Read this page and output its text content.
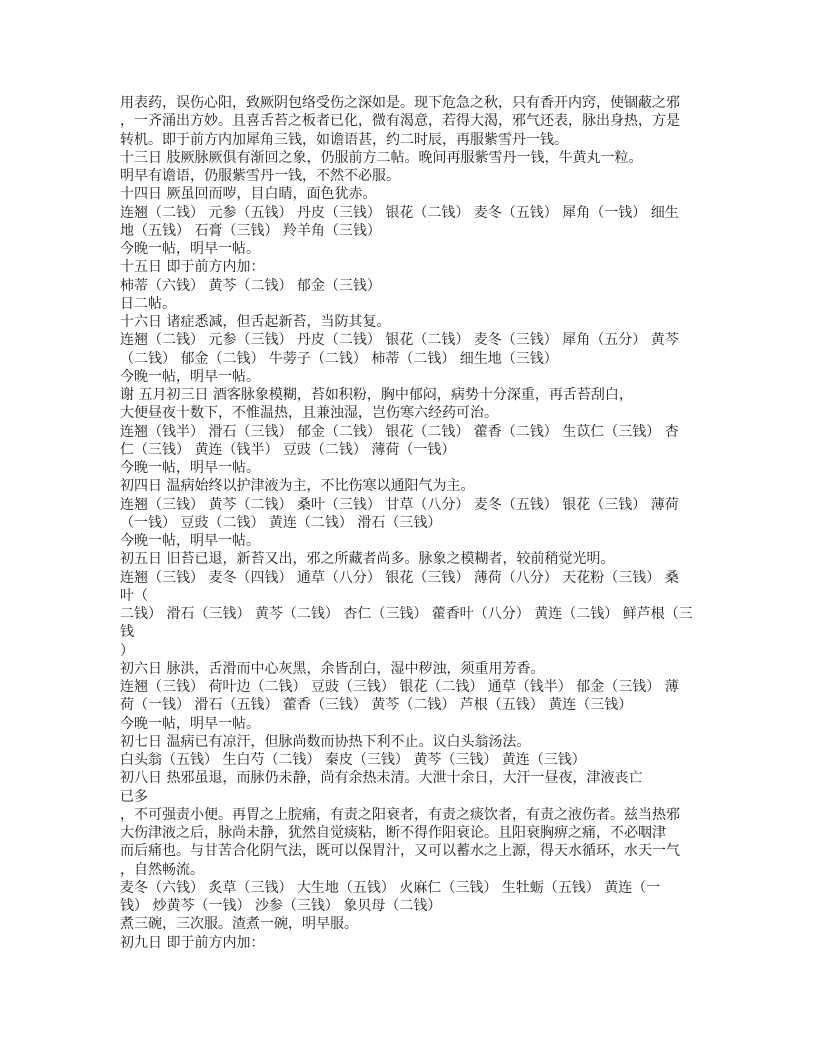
用表药，误伤心阳，致厥阴包络受伤之深如是。现下危急之秋，只有香开内窍，使锢蔽之邪
，一齐涌出方妙。且喜舌苔之板者已化，微有渴意，若得大渴，邪气还表，脉出身热，方是
转机。即于前方内加犀角三钱，如谵语甚，约二时辰，再服紫雪丹一钱。
十三日 肢厥脉厥俱有渐回之象，仍服前方二帖。晚间再服紫雪丹一钱，牛黄丸一粒。
明早有谵语，仍服紫雪丹一钱，不然不必服。
十四日 厥虽回而哕，目白睛，面色犹赤。
连翘（二钱） 元参（五钱） 丹皮（三钱） 银花（二钱） 麦冬（五钱） 犀角（一钱） 细生
地（五钱） 石膏（三钱） 羚羊角（三钱）
今晚一帖，明早一帖。
十五日 即于前方内加：
柿蒂（六钱） 黄芩（二钱） 郁金（三钱）
日二帖。
十六日 诸症悉减，但舌起新苔，当防其复。
连翘（二钱） 元参（三钱） 丹皮（二钱） 银花（二钱） 麦冬（三钱） 犀角（五分） 黄芩
（二钱） 郁金（二钱） 牛蒡子（二钱） 柿蒂（二钱） 细生地（三钱）
今晚一帖，明早一帖。
谢 五月初三日 酒客脉象模糊，苔如积粉，胸中郁闷，病势十分深重，再舌苔刮白，
大便昼夜十数下，不惟温热，且兼浊湿，岂伤寒六经药可治。
连翘（钱半） 滑石（三钱） 郁金（二钱） 银花（二钱） 藿香（二钱） 生苡仁（三钱） 杏
仁（三钱） 黄连（钱半） 豆豉（二钱） 薄荷（一钱）
今晚一帖，明早一帖。
初四日 温病始终以护津液为主，不比伤寒以通阳气为主。
连翘（三钱） 黄芩（二钱） 桑叶（三钱） 甘草（八分） 麦冬（五钱） 银花（三钱） 薄荷
（一钱） 豆豉（二钱） 黄连（二钱） 滑石（三钱）
今晚一帖，明早一帖。
初五日 旧苔已退，新苔又出，邪之所藏者尚多。脉象之模糊者，较前稍觉光明。
连翘（三钱） 麦冬（四钱） 通草（八分） 银花（三钱） 薄荷（八分） 天花粉（三钱） 桑
叶（
二钱） 滑石（三钱） 黄芩（二钱） 杏仁（三钱） 藿香叶（八分） 黄连（二钱） 鲜芦根（三
钱
）
初六日 脉洪，舌滑而中心灰黑，余皆刮白，湿中秽浊，须重用芳香。
连翘（三钱） 荷叶边（二钱） 豆豉（三钱） 银花（二钱） 通草（钱半） 郁金（三钱） 薄
荷（一钱） 滑石（五钱） 藿香（三钱） 黄芩（二钱） 芦根（五钱） 黄连（三钱）
今晚一帖，明早一帖。
初七日 温病已有凉汗，但脉尚数而协热下利不止。议白头翁汤法。
白头翁（五钱） 生白芍（二钱） 秦皮（三钱） 黄芩（三钱） 黄连（三钱）
初八日 热邪虽退，而脉仍未静，尚有余热未清。大泄十余日，大汗一昼夜，津液丧亡
已多
，不可强责小便。再胃之上脘痛，有责之阳衰者，有责之痰饮者，有责之液伤者。兹当热邪
大伤津液之后，脉尚未静，犹然自觉痰粘，断不得作阳衰论。且阳衰胸痹之痛，不必咽津
而后痛也。与甘苦合化阴气法，既可以保胃汁，又可以蓄水之上源，得天水循环，水天一气
，自然畅流。
麦冬（六钱） 炙草（三钱） 大生地（五钱） 火麻仁（三钱） 生牡蛎（五钱） 黄连（一
钱） 炒黄芩（一钱） 沙参（三钱） 象贝母（二钱）
煮三碗，三次服。渣煮一碗，明早服。
初九日 即于前方内加：
